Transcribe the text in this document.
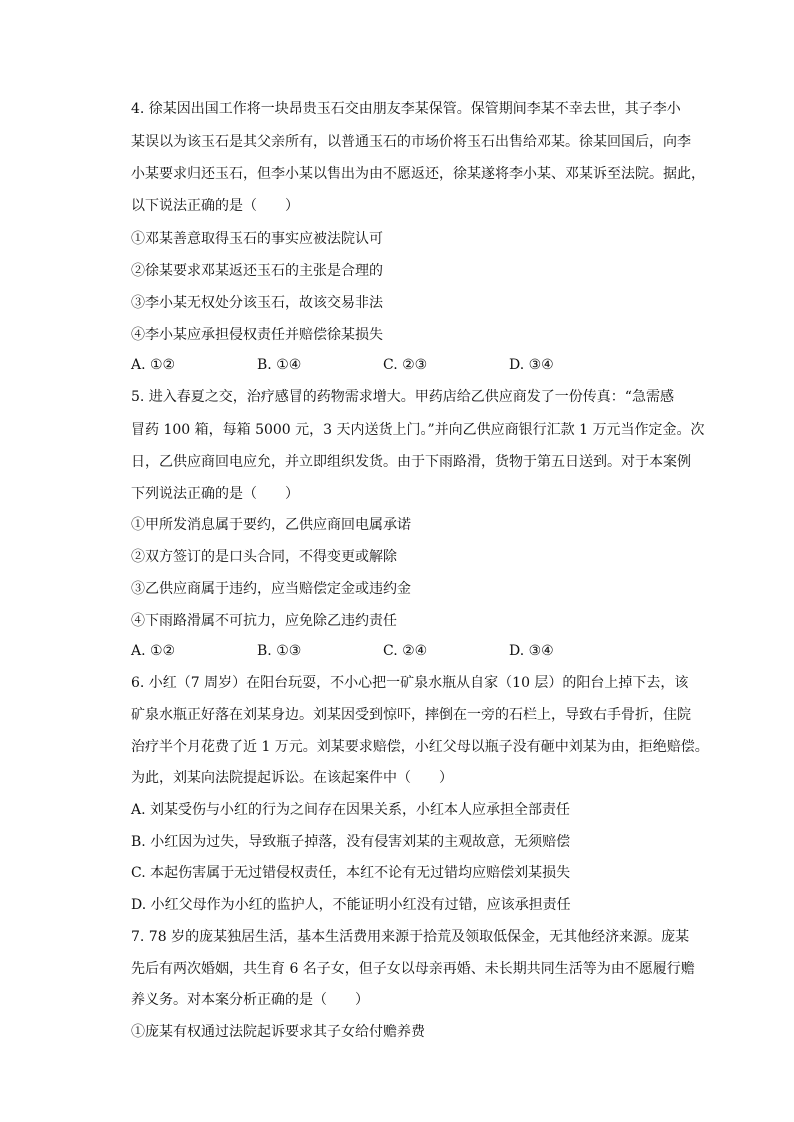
4. 徐某因出国工作将一块昂贵玉石交由朋友李某保管。保管期间李某不幸去世，其子李小
某误以为该玉石是其父亲所有，以普通玉石的市场价将玉石出售给邓某。徐某回国后，向李
小某要求归还玉石，但李小某以售出为由不愿返还，徐某遂将李小某、邓某诉至法院。据此，
以下说法正确的是（　　）
①邓某善意取得玉石的事实应被法院认可
②徐某要求邓某返还玉石的主张是合理的
③李小某无权处分该玉石，故该交易非法
④李小某应承担侵权责任并赔偿徐某损失
A. ①②	B. ①④	C. ②③	D. ③④
5. 进入春夏之交，治疗感冒的药物需求增大。甲药店给乙供应商发了一份传真：“急需感
冒药 100 箱，每箱 5000 元，3 天内送货上门。”并向乙供应商银行汇款 1 万元当作定金。次
日，乙供应商回电应允，并立即组织发货。由于下雨路滑，货物于第五日送到。对于本案例
下列说法正确的是（　　）
①甲所发消息属于要约，乙供应商回电属承诺
②双方签订的是口头合同，不得变更或解除
③乙供应商属于违约，应当赔偿定金或违约金
④下雨路滑属不可抗力，应免除乙违约责任
A. ①②	B. ①③	C. ②④	D. ③④
6. 小红（7 周岁）在阳台玩耍，不小心把一矿泉水瓶从自家（10 层）的阳台上掉下去，该
矿泉水瓶正好落在刘某身边。刘某因受到惊吓，摔倒在一旁的石栏上，导致右手骨折，住院
治疗半个月花费了近 1 万元。刘某要求赔偿，小红父母以瓶子没有砸中刘某为由，拒绝赔偿。
为此，刘某向法院提起诉讼。在该起案件中（　　）
A. 刘某受伤与小红的行为之间存在因果关系，小红本人应承担全部责任
B. 小红因为过失，导致瓶子掉落，没有侵害刘某的主观故意，无须赔偿
C. 本起伤害属于无过错侵权责任，本红不论有无过错均应赔偿刘某损失
D. 小红父母作为小红的监护人，不能证明小红没有过错，应该承担责任
7. 78 岁的庞某独居生活，基本生活费用来源于拾荒及领取低保金，无其他经济来源。庞某
先后有两次婚姻，共生育 6 名子女，但子女以母亲再婚、未长期共同生活等为由不愿履行赡
养义务。对本案分析正确的是（　　）
①庞某有权通过法院起诉要求其子女给付赡养费
